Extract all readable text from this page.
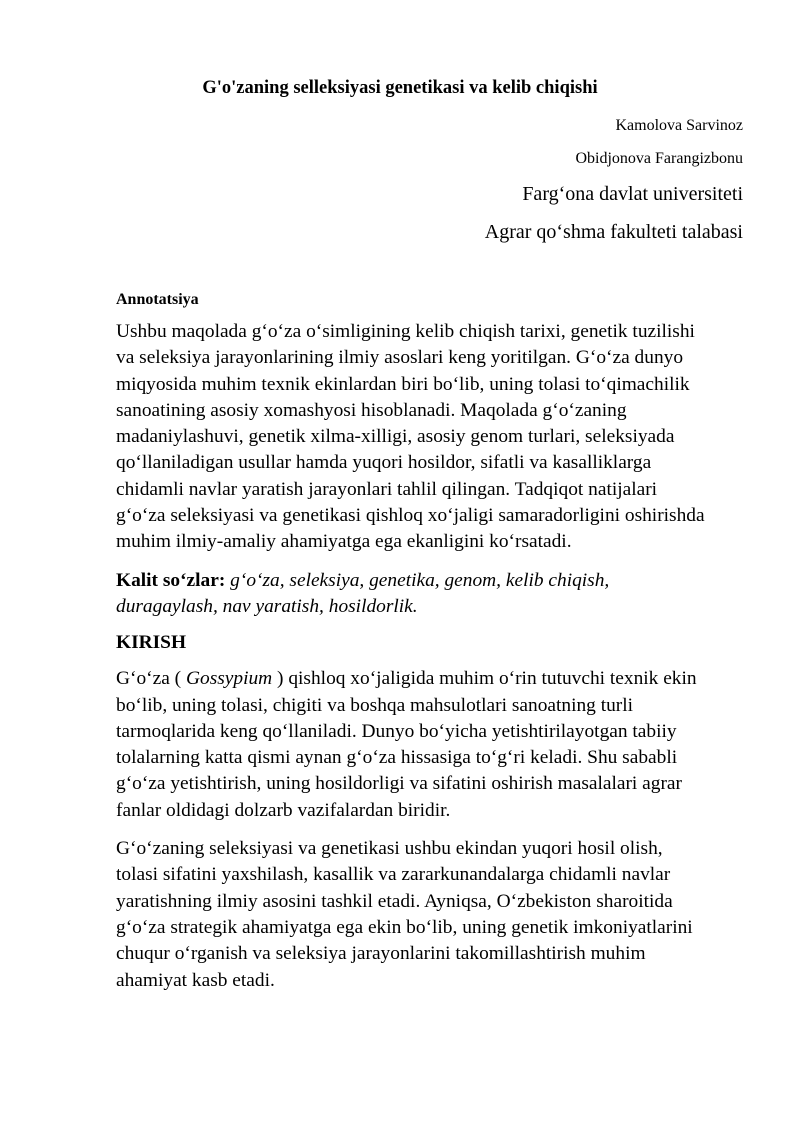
G'o'zaning selleksiyasi genetikasi va kelib chiqishi
Kamolova Sarvinoz
Obidjonova Farangizbonu
Farg‘ona davlat universiteti
Agrar qo‘shma fakulteti talabasi
Annotatsiya

Ushbu maqolada g‘o‘za o‘simligining kelib chiqish tarixi, genetik tuzilishi va seleksiya jarayonlarining ilmiy asoslari keng yoritilgan. G‘o‘za dunyo miqyosida muhim texnik ekinlardan biri bo‘lib, uning tolasi to‘qimachilik sanoatining asosiy xomashyosi hisoblanadi. Maqolada g‘o‘zaning madaniylashuvi, genetik xilma-xilligi, asosiy genom turlari, seleksiyada qo‘llaniladigan usullar hamda yuqori hosildor, sifatli va kasalliklarga chidamli navlar yaratish jarayonlari tahlil qilingan. Tadqiqot natijalari g‘o‘za seleksiyasi va genetikasi qishloq xo‘jaligi samaradorligini oshirishda muhim ilmiy-amaliy ahamiyatga ega ekanligini ko‘rsatadi.

Kalit so‘zlar: g‘o‘za, seleksiya, genetika, genom, kelib chiqish, duragaylash, nav yaratish, hosildorlik.

KIRISH

G‘o‘za ( Gossypium ) qishloq xo‘jaligida muhim o‘rin tutuvchi texnik ekin bo‘lib, uning tolasi, chigiti va boshqa mahsulotlari sanoatning turli tarmoqlarida keng qo‘llaniladi. Dunyo bo‘yicha yetishtirilayotgan tabiiy tolalarning katta qismi aynan g‘o‘za hissasiga to‘g‘ri keladi. Shu sababli g‘o‘za yetishtirish, uning hosildorligi va sifatini oshirish masalalari agrar fanlar oldidagi dolzarb vazifalardan biridir.

G‘o‘zaning seleksiyasi va genetikasi ushbu ekindan yuqori hosil olish, tolasi sifatini yaxshilash, kasallik va zararkunandalarga chidamli navlar yaratishning ilmiy asosini tashkil etadi. Ayniqsa, O‘zbekiston sharoitida g‘o‘za strategik ahamiyatga ega ekin bo‘lib, uning genetik imkoniyatlarini chuqur o‘rganish va seleksiya jarayonlarini takomillashtirish muhim ahamiyat kasb etadi.
